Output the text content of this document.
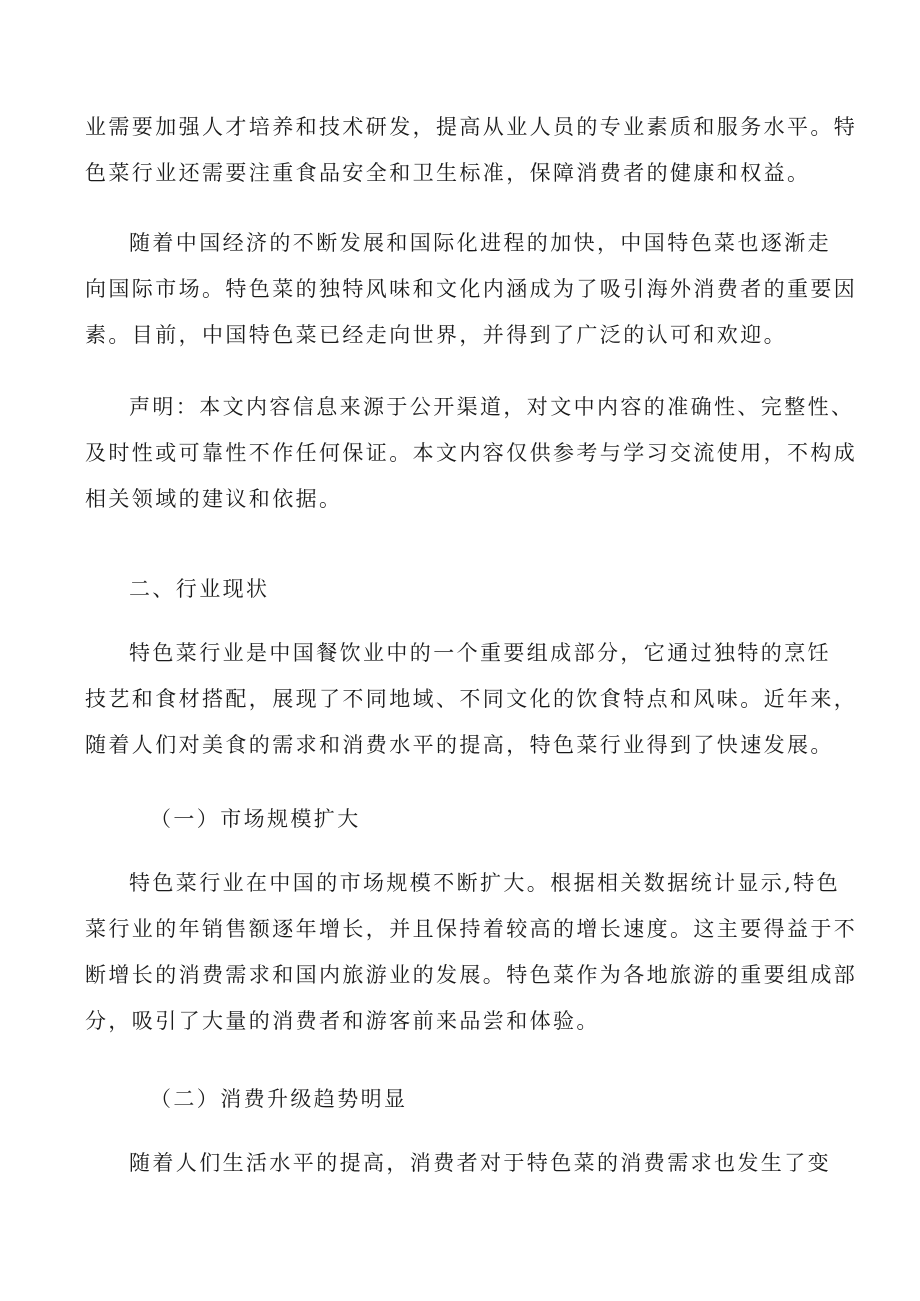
业需要加强人才培养和技术研发，提高从业人员的专业素质和服务水平。特
色菜行业还需要注重食品安全和卫生标准，保障消费者的健康和权益。
随着中国经济的不断发展和国际化进程的加快，中国特色菜也逐渐走
向国际市场。特色菜的独特风味和文化内涵成为了吸引海外消费者的重要因
素。目前，中国特色菜已经走向世界，并得到了广泛的认可和欢迎。
声明：本文内容信息来源于公开渠道，对文中内容的准确性、完整性、
及时性或可靠性不作任何保证。本文内容仅供参考与学习交流使用，不构成
相关领域的建议和依据。
二、行业现状
特色菜行业是中国餐饮业中的一个重要组成部分，它通过独特的烹饪
技艺和食材搭配，展现了不同地域、不同文化的饮食特点和风味。近年来，
随着人们对美食的需求和消费水平的提高，特色菜行业得到了快速发展。
（一）市场规模扩大
特色菜行业在中国的市场规模不断扩大。根据相关数据统计显示,特色
菜行业的年销售额逐年增长，并且保持着较高的增长速度。这主要得益于不
断增长的消费需求和国内旅游业的发展。特色菜作为各地旅游的重要组成部
分，吸引了大量的消费者和游客前来品尝和体验。
（二）消费升级趋势明显
随着人们生活水平的提高，消费者对于特色菜的消费需求也发生了变
